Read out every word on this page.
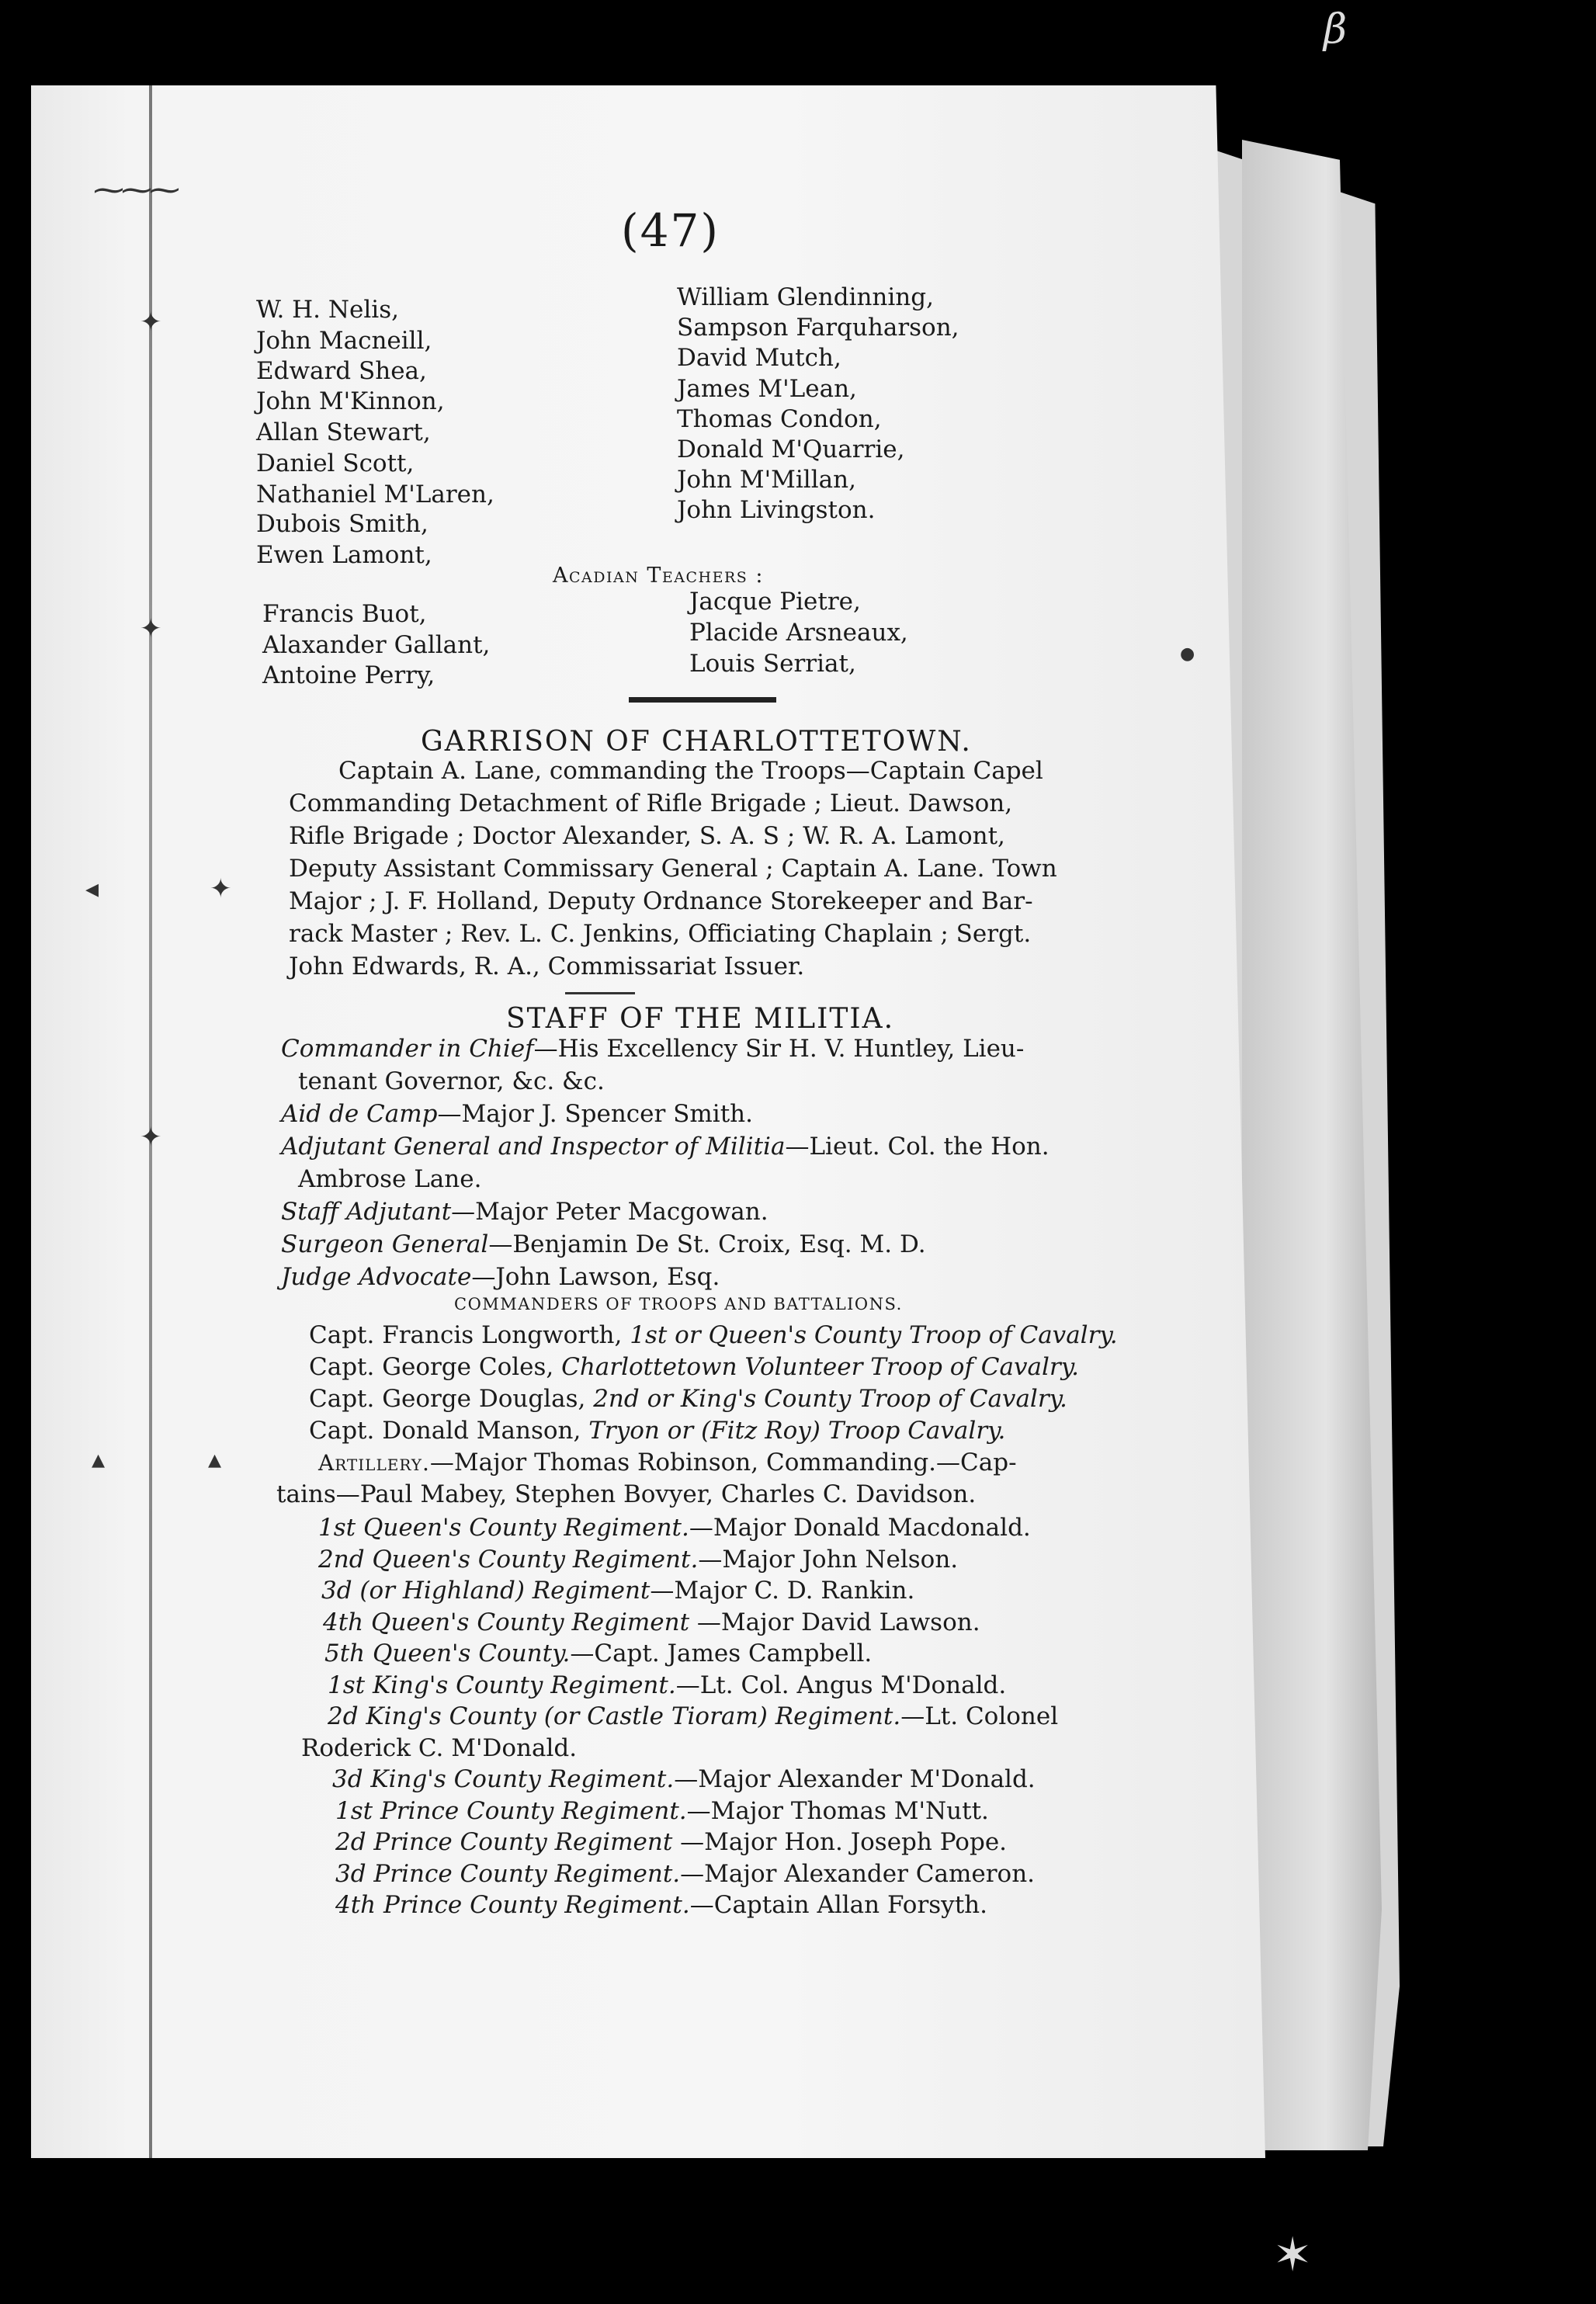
✦
✦
◂	✦
✦
▴	▴
●
⁓⁓⁓
β
✶
(47)
W. H. Nelis,
John Macneill,
Edward Shea,
John M'Kinnon,
Allan Stewart,
Daniel Scott,
Nathaniel M'Laren,
Dubois Smith,
Ewen Lamont,
William Glendinning,
Sampson Farquharson,
David Mutch,
James M'Lean,
Thomas Condon,
Donald M'Quarrie,
John M'Millan,
John Livingston.
Acadian Teachers :
Francis Buot,
Alaxander Gallant,
Antoine Perry,
Jacque Pietre,
Placide Arsneaux,
Louis Serriat,
GARRISON OF CHARLOTTETOWN.
Captain A. Lane, commanding the Troops—Captain Capel
Commanding Detachment of Rifle Brigade ; Lieut. Dawson,
Rifle Brigade ; Doctor Alexander, S. A. S ; W. R. A. Lamont,
Deputy Assistant Commissary General ; Captain A. Lane. Town
Major ; J. F. Holland, Deputy Ordnance Storekeeper and Bar-
rack Master ; Rev. L. C. Jenkins, Officiating Chaplain ; Sergt.
John Edwards, R. A., Commissariat Issuer.
STAFF OF THE MILITIA.
Commander in Chief—His Excellency Sir H. V. Huntley, Lieu-
tenant Governor, &c. &c.
Aid de Camp—Major J. Spencer Smith.
Adjutant General and Inspector of Militia—Lieut. Col. the Hon.
Ambrose Lane.
Staff Adjutant—Major Peter Macgowan.
Surgeon General—Benjamin De St. Croix, Esq. M. D.
Judge Advocate—John Lawson, Esq.
COMMANDERS OF TROOPS AND BATTALIONS.
Capt. Francis Longworth, 1st or Queen's County Troop of Cavalry.
Capt. George Coles, Charlottetown Volunteer Troop of Cavalry.
Capt. George Douglas, 2nd or King's County Troop of Cavalry.
Capt. Donald Manson, Tryon or (Fitz Roy) Troop Cavalry.
Artillery.—Major Thomas Robinson, Commanding.—Cap-
tains—Paul Mabey, Stephen Bovyer, Charles C. Davidson.
1st Queen's County Regiment.—Major Donald Macdonald.
2nd Queen's County Regiment.—Major John Nelson.
3d (or Highland) Regiment—Major C. D. Rankin.
4th Queen's County Regiment —Major David Lawson.
5th Queen's County.—Capt. James Campbell.
1st King's County Regiment.—Lt. Col. Angus M'Donald.
2d King's County (or Castle Tioram) Regiment.—Lt. Colonel
Roderick C. M'Donald.
3d King's County Regiment.—Major Alexander M'Donald.
1st Prince County Regiment.—Major Thomas M'Nutt.
2d Prince County Regiment —Major Hon. Joseph Pope.
3d Prince County Regiment.—Major Alexander Cameron.
4th Prince County Regiment.—Captain Allan Forsyth.
